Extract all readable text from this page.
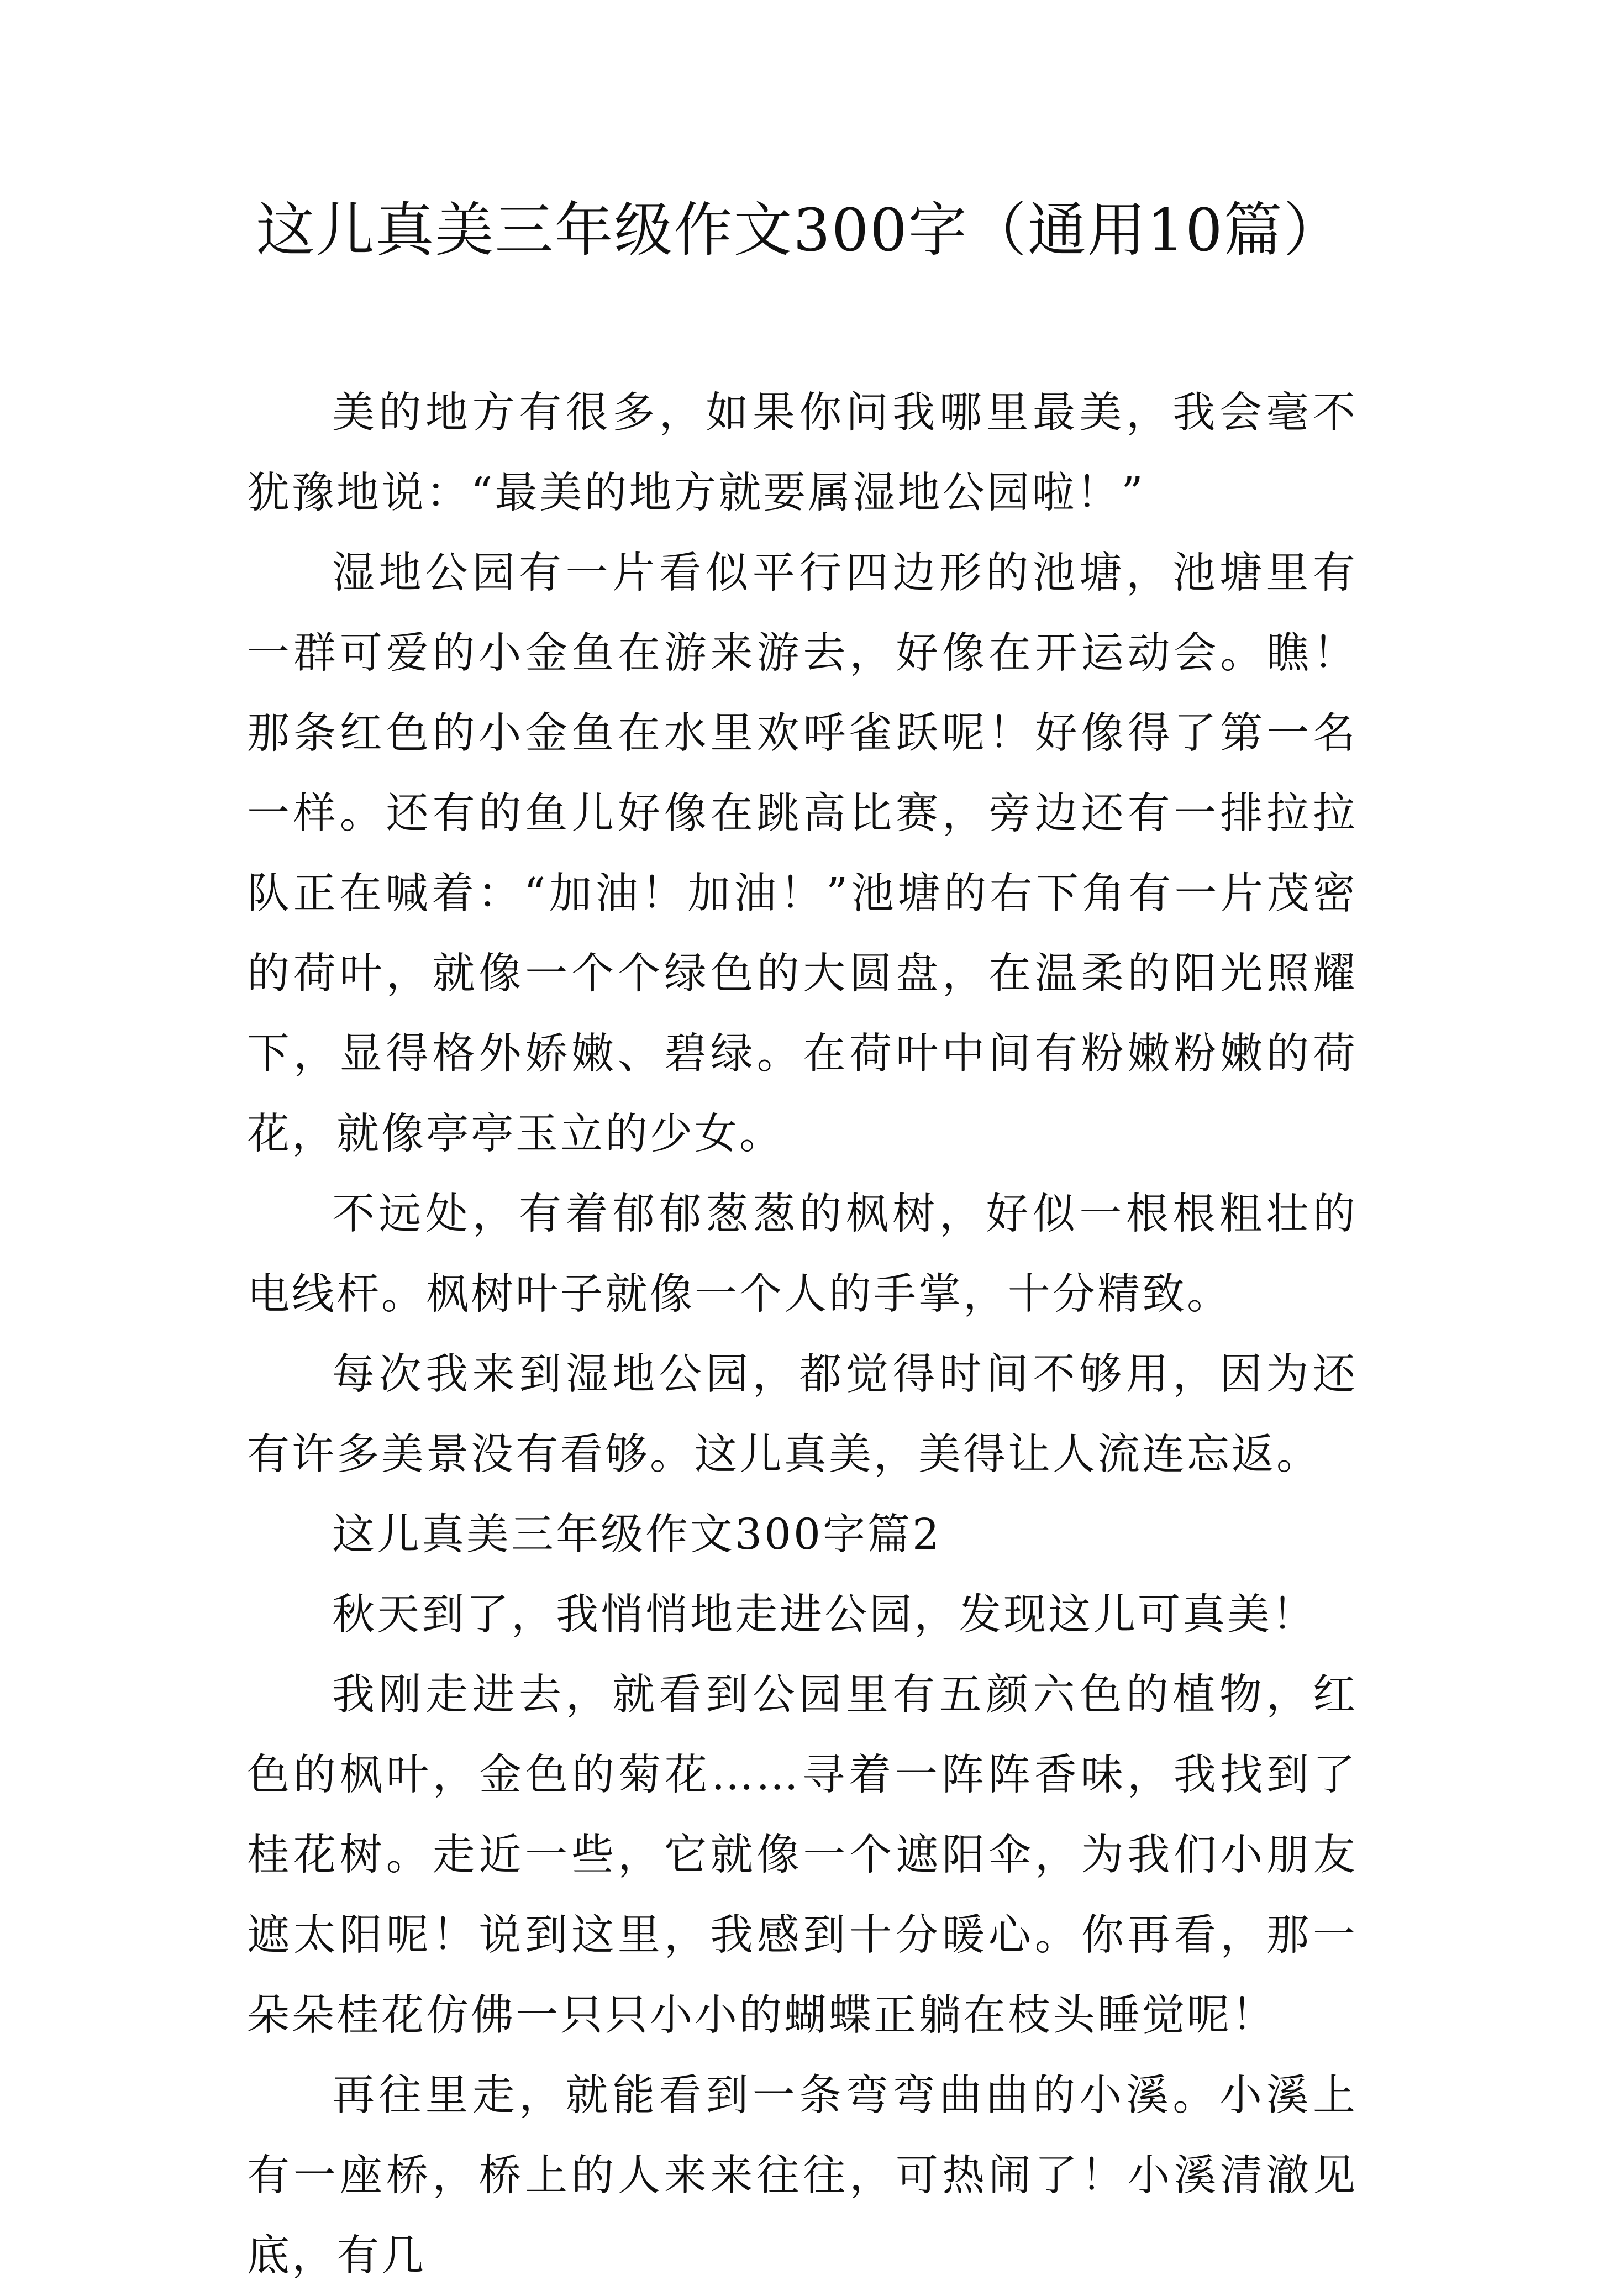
这儿真美三年级作文300字（通用10篇）

美的地方有很多，如果你问我哪里最美，我会毫不犹豫地说：“最美的地方就要属湿地公园啦！”

湿地公园有一片看似平行四边形的池塘，池塘里有一群可爱的小金鱼在游来游去，好像在开运动会。瞧！那条红色的小金鱼在水里欢呼雀跃呢！好像得了第一名一样。还有的鱼儿好像在跳高比赛，旁边还有一排拉拉队正在喊着：“加油！加油！”池塘的右下角有一片茂密的荷叶，就像一个个绿色的大圆盘，在温柔的阳光照耀下，显得格外娇嫩、碧绿。在荷叶中间有粉嫩粉嫩的荷花，就像亭亭玉立的少女。

不远处，有着郁郁葱葱的枫树，好似一根根粗壮的电线杆。枫树叶子就像一个人的手掌，十分精致。

每次我来到湿地公园，都觉得时间不够用，因为还有许多美景没有看够。这儿真美，美得让人流连忘返。

这儿真美三年级作文300字篇2

秋天到了，我悄悄地走进公园，发现这儿可真美！

我刚走进去，就看到公园里有五颜六色的植物，红色的枫叶，金色的菊花……寻着一阵阵香味，我找到了桂花树。走近一些，它就像一个遮阳伞，为我们小朋友遮太阳呢！说到这里，我感到十分暖心。你再看，那一朵朵桂花仿佛一只只小小的蝴蝶正躺在枝头睡觉呢！

再往里走，就能看到一条弯弯曲曲的小溪。小溪上有一座桥，桥上的人来来往往，可热闹了！小溪清澈见底，有几
